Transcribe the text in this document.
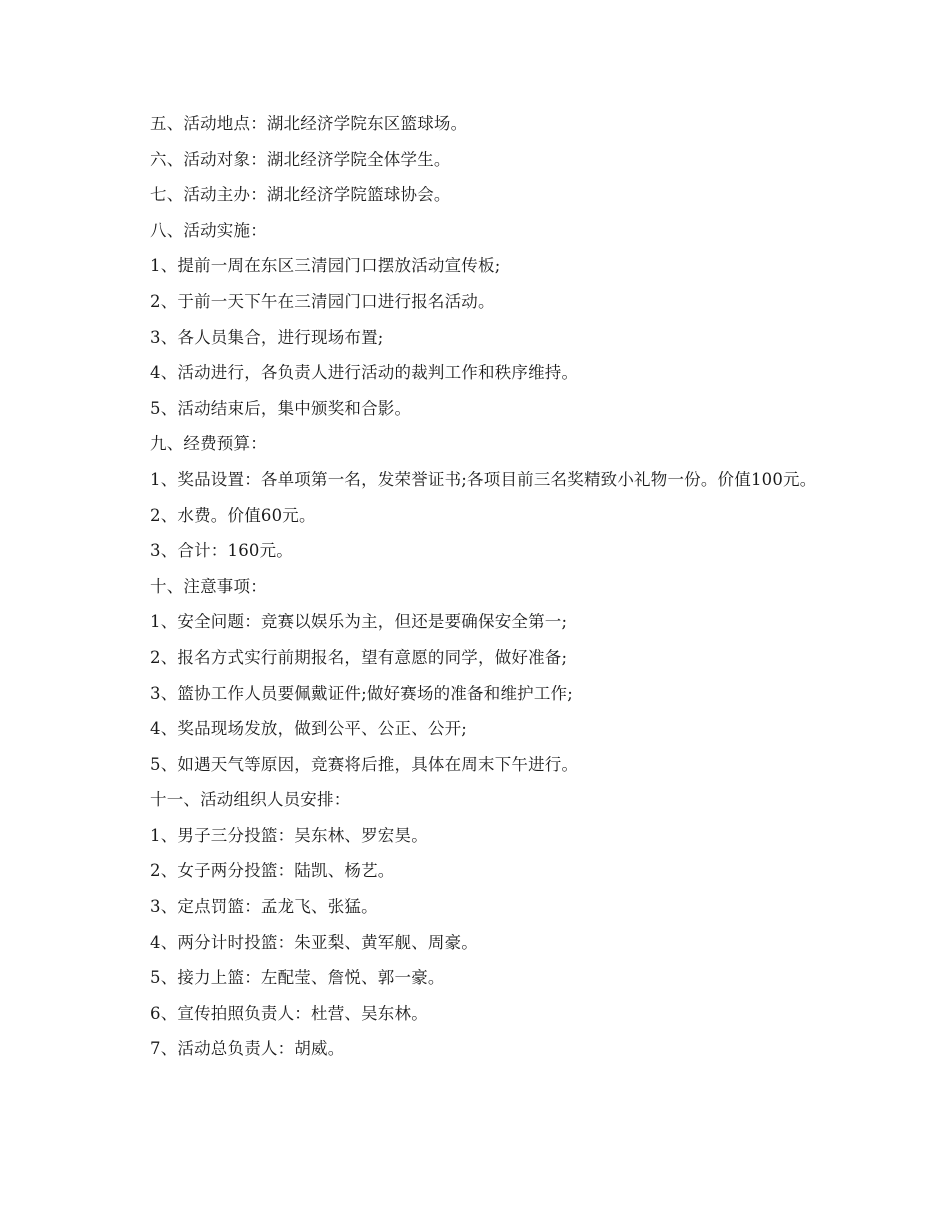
五、活动地点：湖北经济学院东区篮球场。

六、活动对象：湖北经济学院全体学生。

七、活动主办：湖北经济学院篮球协会。

八、活动实施：

1、提前一周在东区三清园门口摆放活动宣传板;

2、于前一天下午在三清园门口进行报名活动。

3、各人员集合，进行现场布置;

4、活动进行，各负责人进行活动的裁判工作和秩序维持。

5、活动结束后，集中颁奖和合影。

九、经费预算：

1、奖品设置：各单项第一名，发荣誉证书;各项目前三名奖精致小礼物一份。价值100元。

2、水费。价值60元。

3、合计：160元。

十、注意事项：

1、安全问题：竞赛以娱乐为主，但还是要确保安全第一;

2、报名方式实行前期报名，望有意愿的同学，做好准备;

3、篮协工作人员要佩戴证件;做好赛场的准备和维护工作;

4、奖品现场发放，做到公平、公正、公开;

5、如遇天气等原因，竞赛将后推，具体在周末下午进行。

十一、活动组织人员安排：

1、男子三分投篮：吴东林、罗宏昊。

2、女子两分投篮：陆凯、杨艺。

3、定点罚篮：孟龙飞、张猛。

4、两分计时投篮：朱亚梨、黄军舰、周豪。

5、接力上篮：左配莹、詹悦、郭一豪。

6、宣传拍照负责人：杜营、吴东林。

7、活动总负责人：胡威。
